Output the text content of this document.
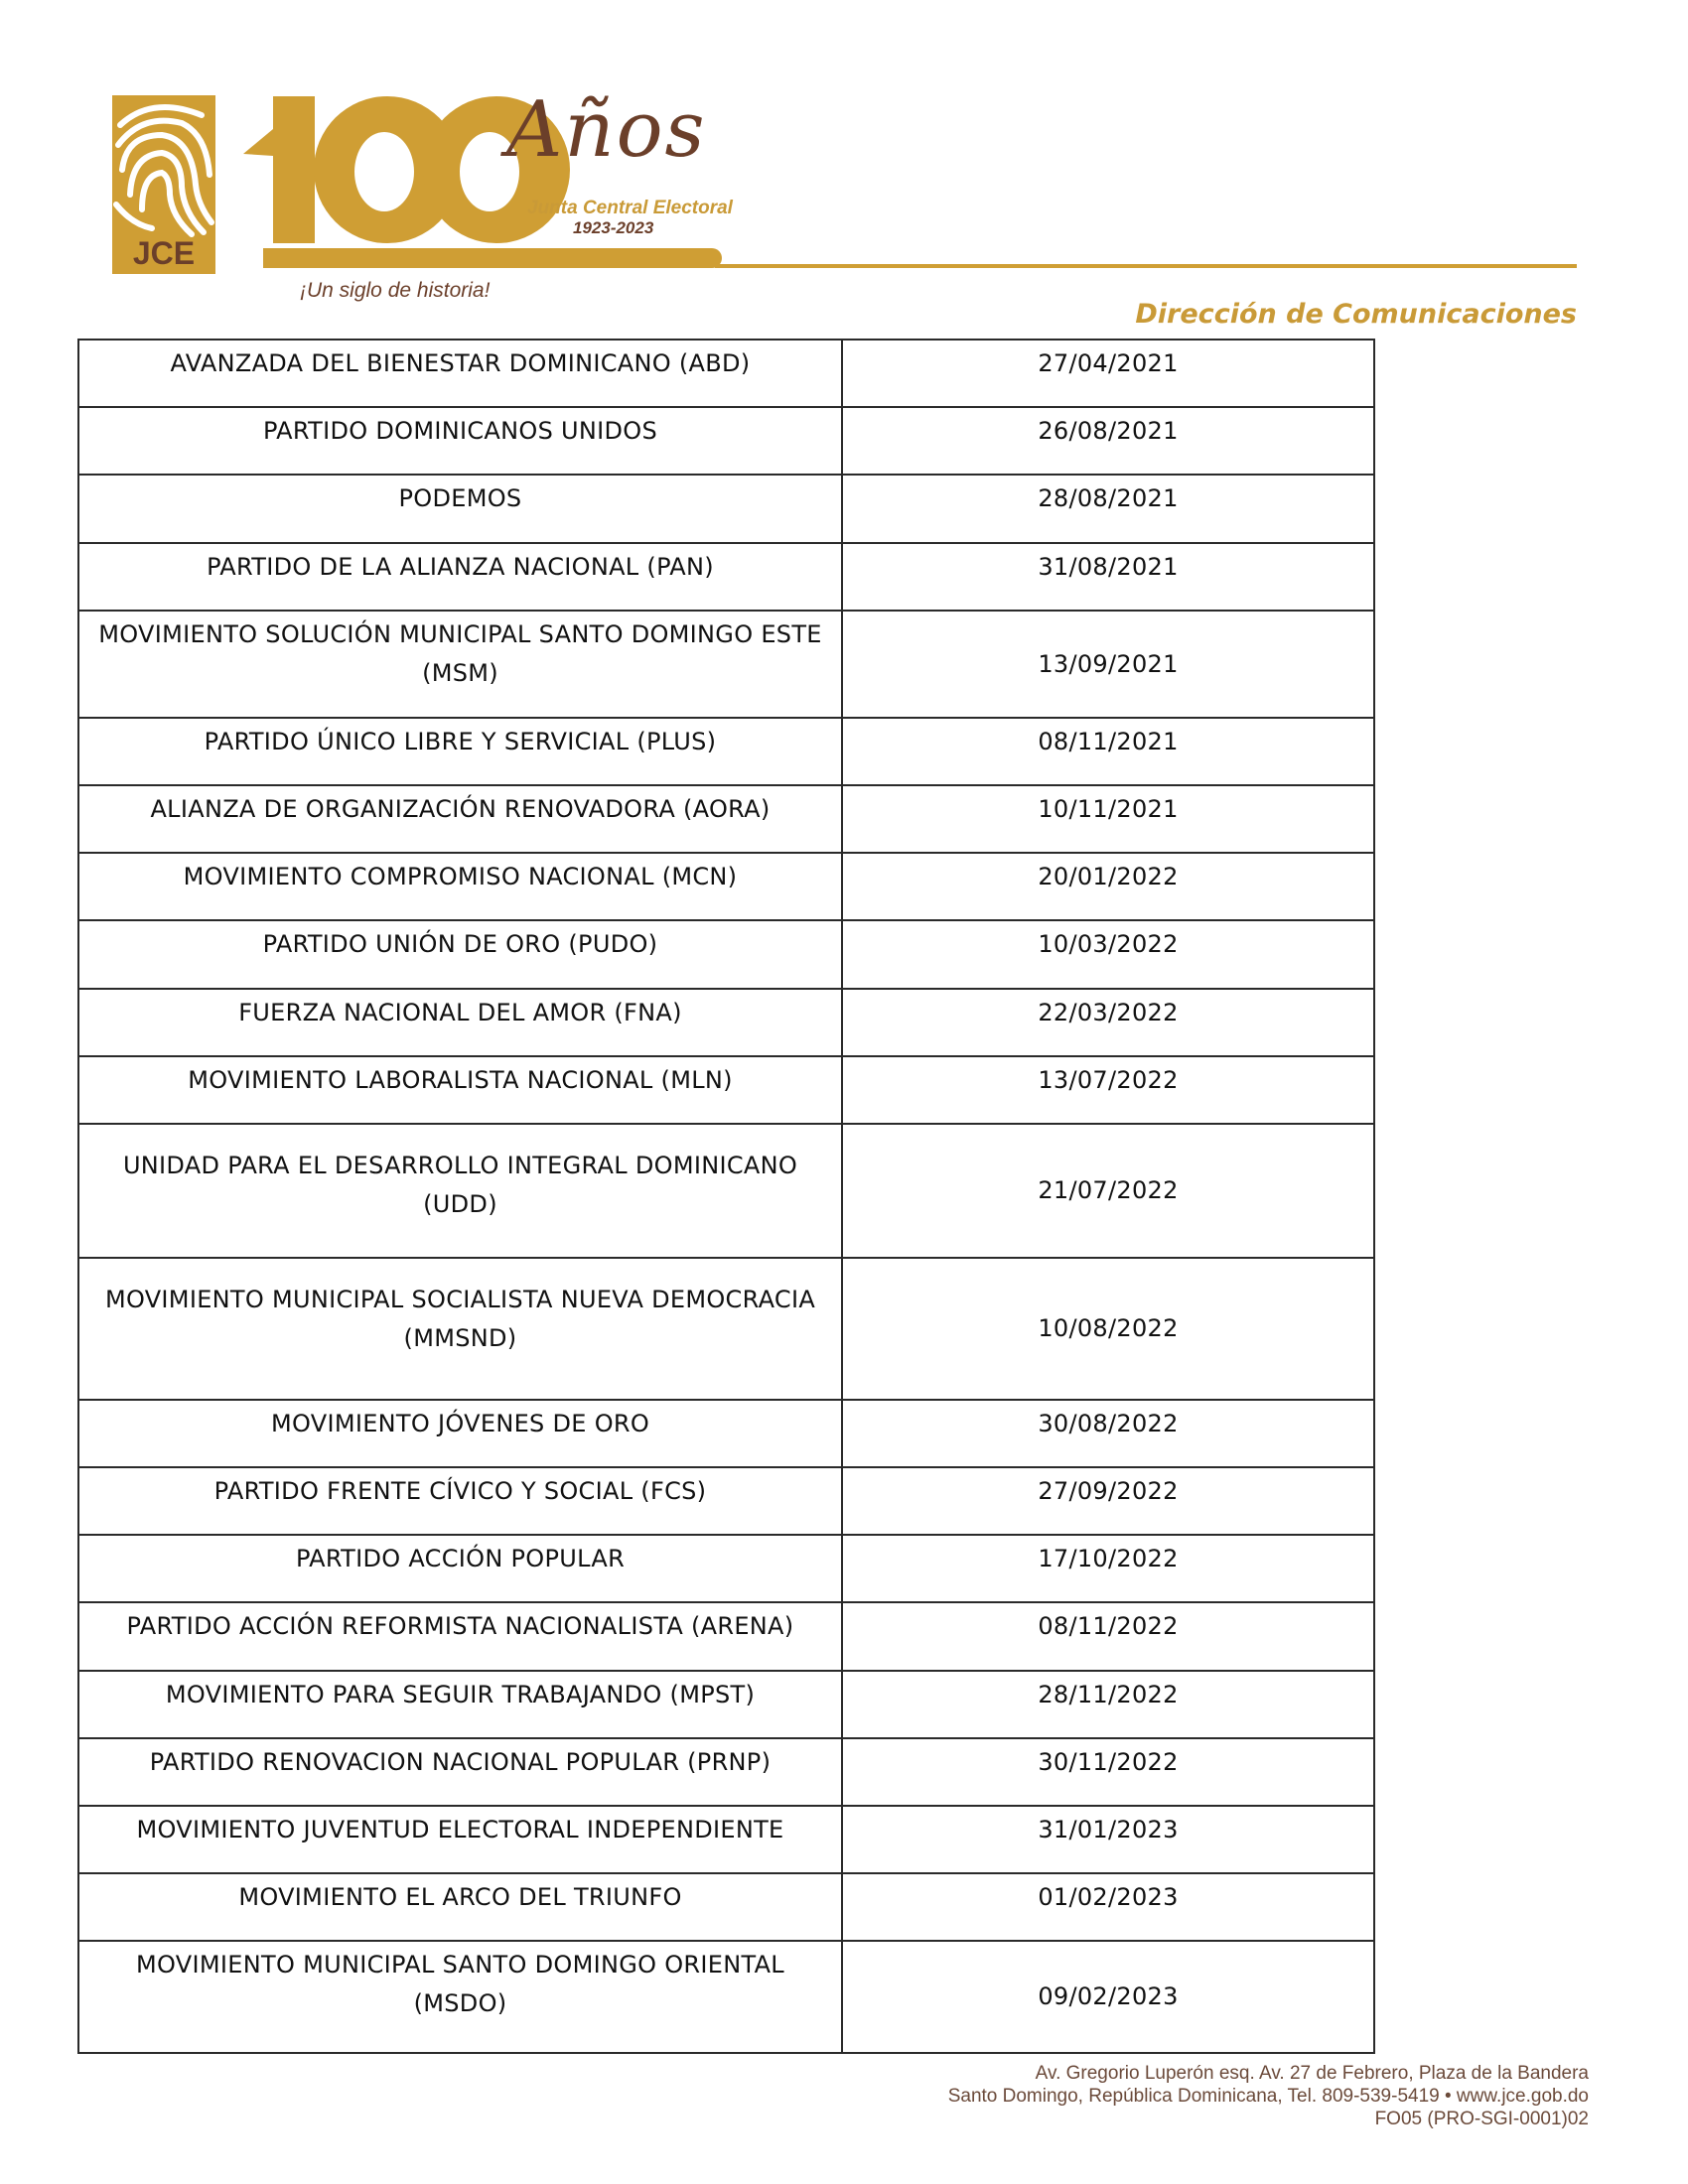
JCE
100	Años
Junta Central Electoral
1923-2023
¡Un siglo de historia!
Dirección de Comunicaciones
AVANZADA DEL BIENESTAR DOMINICANO (ABD)	27/04/2021
PARTIDO DOMINICANOS UNIDOS	26/08/2021
PODEMOS	28/08/2021
PARTIDO DE LA ALIANZA NACIONAL (PAN)	31/08/2021
MOVIMIENTO SOLUCIÓN MUNICIPAL SANTO DOMINGO ESTE (MSM)	13/09/2021
PARTIDO ÚNICO LIBRE Y SERVICIAL (PLUS)	08/11/2021
ALIANZA DE ORGANIZACIÓN RENOVADORA (AORA)	10/11/2021
MOVIMIENTO COMPROMISO NACIONAL (MCN)	20/01/2022
PARTIDO UNIÓN DE ORO (PUDO)	10/03/2022
FUERZA NACIONAL DEL AMOR (FNA)	22/03/2022
MOVIMIENTO LABORALISTA NACIONAL (MLN)	13/07/2022
UNIDAD PARA EL DESARROLLO INTEGRAL DOMINICANO (UDD)	21/07/2022
MOVIMIENTO MUNICIPAL SOCIALISTA NUEVA DEMOCRACIA (MMSND)	10/08/2022
MOVIMIENTO JÓVENES DE ORO	30/08/2022
PARTIDO FRENTE CÍVICO Y SOCIAL (FCS)	27/09/2022
PARTIDO ACCIÓN POPULAR	17/10/2022
PARTIDO ACCIÓN REFORMISTA NACIONALISTA (ARENA)	08/11/2022
MOVIMIENTO PARA SEGUIR TRABAJANDO (MPST)	28/11/2022
PARTIDO RENOVACION NACIONAL POPULAR (PRNP)	30/11/2022
MOVIMIENTO JUVENTUD ELECTORAL INDEPENDIENTE	31/01/2023
MOVIMIENTO EL ARCO DEL TRIUNFO	01/02/2023
MOVIMIENTO MUNICIPAL SANTO DOMINGO ORIENTAL (MSDO)	09/02/2023
Av. Gregorio Luperón esq. Av. 27 de Febrero, Plaza de la Bandera
Santo Domingo, República Dominicana, Tel. 809-539-5419 • www.jce.gob.do
FO05 (PRO-SGI-0001)02
